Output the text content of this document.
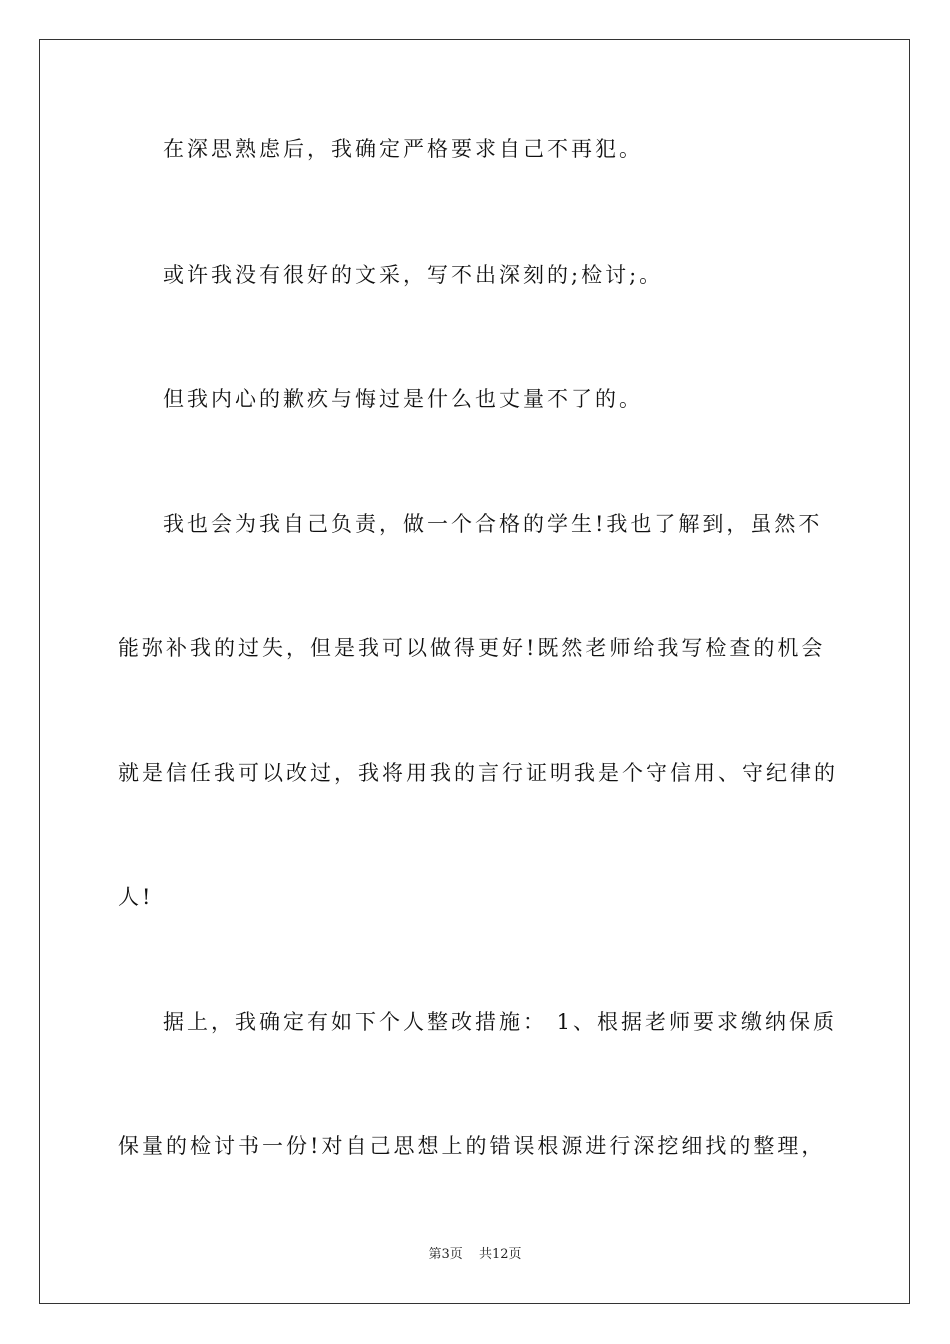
在深思熟虑后，我确定严格要求自己不再犯。
或许我没有很好的文采，写不出深刻的;检讨;。
但我内心的歉疚与悔过是什么也丈量不了的。
我也会为我自己负责，做一个合格的学生!我也了解到，虽然不
能弥补我的过失，但是我可以做得更好!既然老师给我写检查的机会
就是信任我可以改过，我将用我的言行证明我是个守信用、守纪律的
人!
据上，我确定有如下个人整改措施： 1、根据老师要求缴纳保质
保量的检讨书一份!对自己思想上的错误根源进行深挖细找的整理，
第3页 共12页
